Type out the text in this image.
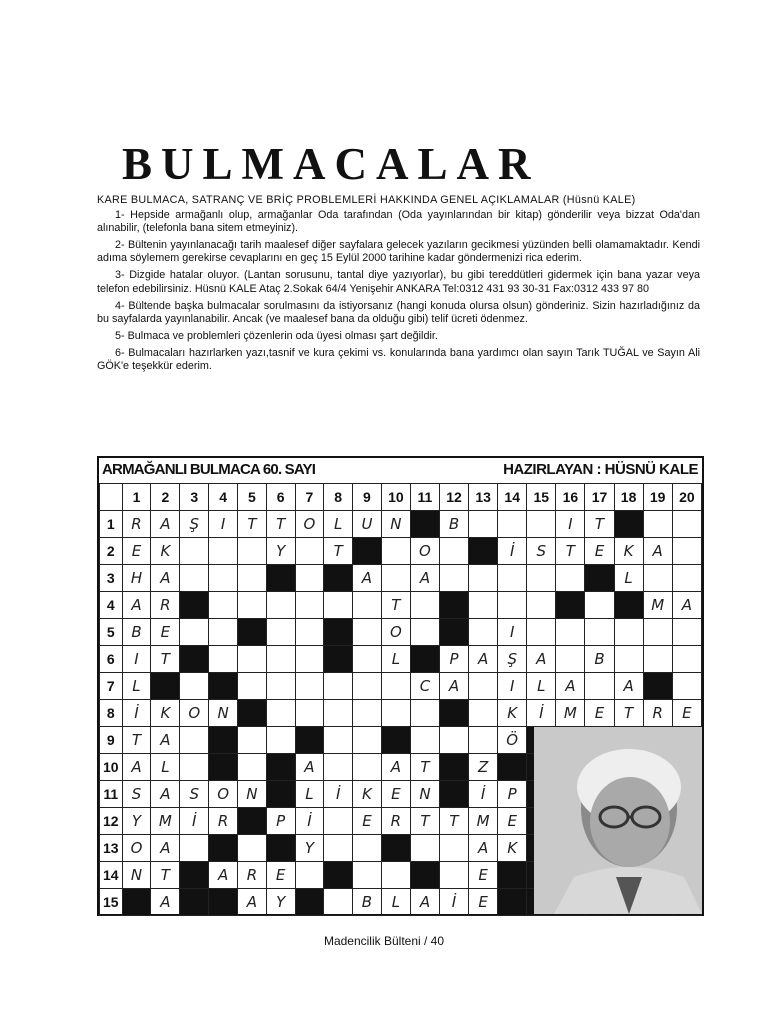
BULMACALAR

KARE BULMACA, SATRANÇ VE BRİÇ PROBLEMLERİ HAKKINDA GENEL AÇIKLAMALAR (Hüsnü KALE)

1- Hepside armağanlı olup, armağanlar Oda tarafından (Oda yayınlarından bir kitap) gönderilir veya bizzat Oda'dan alınabilir, (telefonla bana sitem etmeyiniz).

2- Bültenin yayınlanacağı tarih maalesef diğer sayfalara gelecek yazıların gecikmesi yüzünden belli olamamaktadır. Kendi adıma söylemem gerekirse cevaplarını en geç 15 Eylül 2000 tarihine kadar göndermenizi rica ederim.

3- Dizgide hatalar oluyor. (Lantan sorusunu, tantal diye yazıyorlar), bu gibi tereddütleri gidermek için bana yazar veya telefon edebilirsiniz. Hüsnü KALE Ataç 2.Sokak 64/4 Yenişehir ANKARA Tel:0312 431 93 30-31 Fax:0312 433 97 80

4- Bültende başka bulmacalar sorulmasını da istiyorsanız (hangi konuda olursa olsun) gönderiniz. Sizin hazırladığınız da bu sayfalarda yayınlanabilir. Ancak (ve maalesef bana da olduğu gibi) telif ücreti ödenmez.

5- Bulmaca ve problemleri çözenlerin oda üyesi olması şart değildir.

6- Bulmacaları hazırlarken yazı,tasnif ve kura çekimi vs. konularında bana yardımcı olan sayın Tarık TUĞAL ve Sayın Ali GÖK'e teşekkür ederim.

ARMAĞANLI BULMACA 60. SAYI	HAZIRLAYAN : HÜSNÜ KALE
	1	2	3	4	5	6	7	8	9	10	11	12	13	14	15	16	17	18	19	20
1	R	A	Ş	I	T	T	O	L	U	N		B				I	T			
2	E	K				Y		T			O			İ	S	T	E	K	A	
3	H	A							A		A							L		
4	A	R								T									M	A
5	B	E								O				I						
6	I	T								L		P	A	Ş	A		B			
7	L										C	A		I	L	A		A		
8	İ	K	O	N										K	İ	M	E	T	R	E
9	T	A												Ö						
10	A	L					A			A	T		Z							
11	S	A	S	O	N		L	İ	K	E	N		İ	P						
12	Y	M	İ	R		P	İ		E	R	T	T	M	E						
13	O	A					Y						A	K						
14	N	T		A	R	E							E							
15		A			A	Y			B	L	A	İ	E							
Madencilik Bülteni / 40
